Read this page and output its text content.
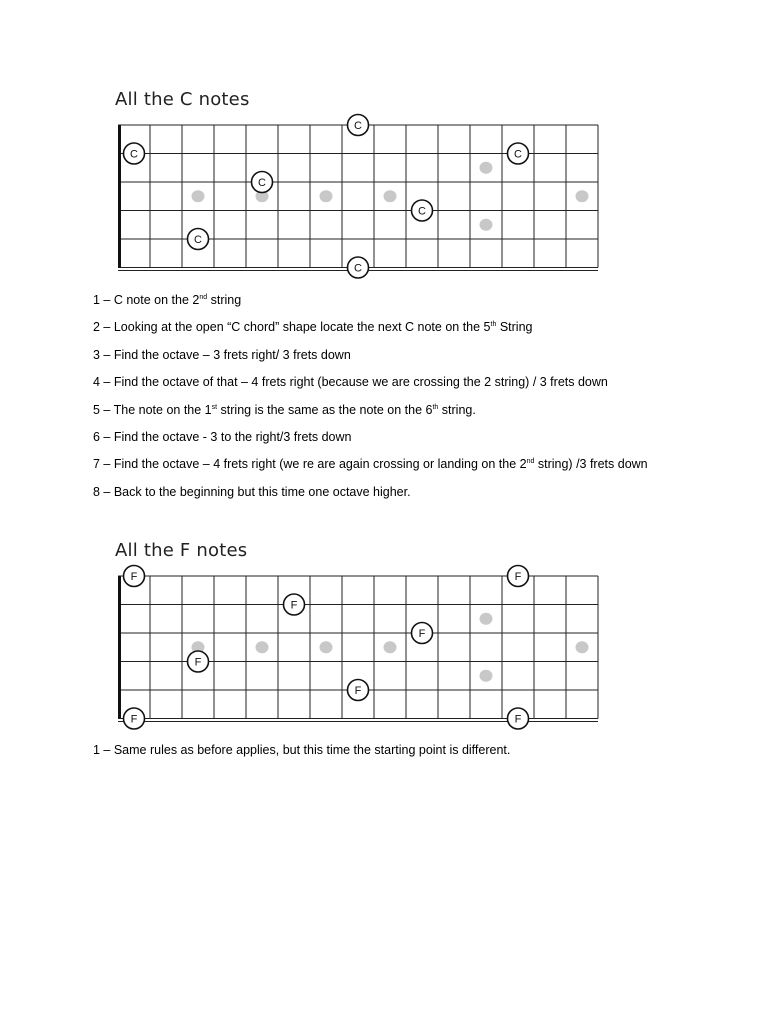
All the C notes
C
C	C
C
C
C
C
1 – C note on the 2nd string
2 – Looking at the open “C chord” shape locate the next C note on the 5th String
3 – Find the octave – 3 frets right/ 3 frets down
4 – Find the octave of that – 4 frets right (because we are crossing the 2 string) / 3 frets down
5 – The note on the 1st string is the same as the note on the 6th string.
6 – Find the octave - 3 to the right/3 frets down
7 – Find the octave – 4 frets right (we re are again crossing or landing on the 2nd string) /3 frets down
8 – Back to the beginning but this time one octave higher.
All the F notes
F	F
F
F
F
F
F	F
1 – Same rules as before applies, but this time the starting point is different.
